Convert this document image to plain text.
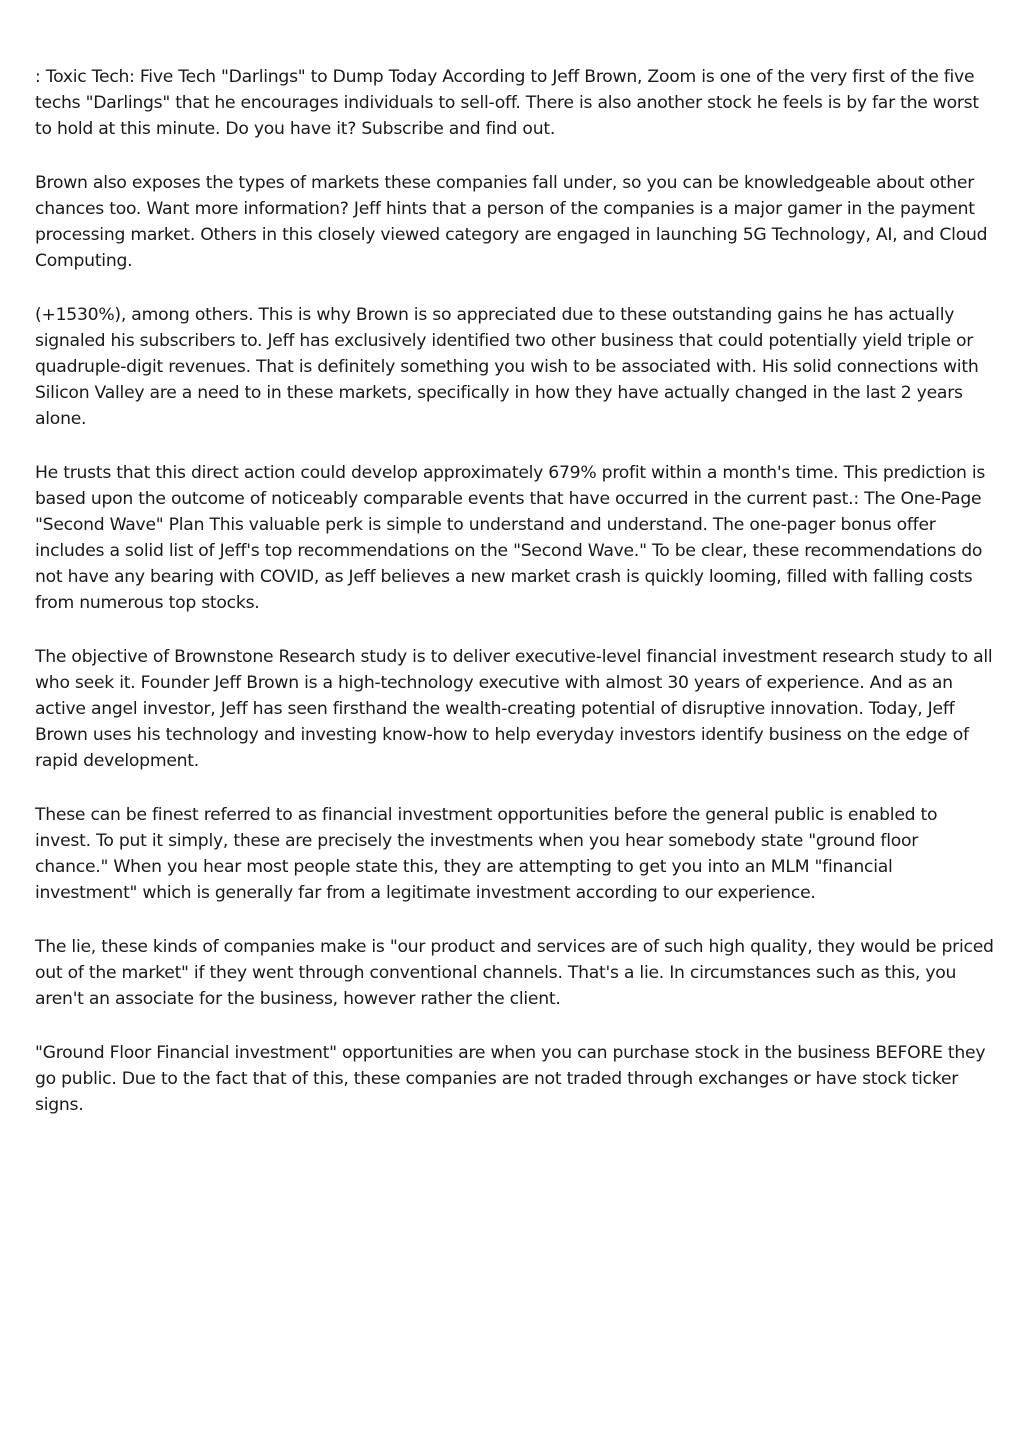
: Toxic Tech: Five Tech "Darlings" to Dump Today According to Jeff Brown, Zoom is one of the very first of the five techs "Darlings" that he encourages individuals to sell-off. There is also another stock he feels is by far the worst to hold at this minute. Do you have it? Subscribe and find out.

Brown also exposes the types of markets these companies fall under, so you can be knowledgeable about other chances too. Want more information? Jeff hints that a person of the companies is a major gamer in the payment processing market. Others in this closely viewed category are engaged in launching 5G Technology, AI, and Cloud Computing.

(+1530%), among others. This is why Brown is so appreciated due to these outstanding gains he has actually signaled his subscribers to. Jeff has exclusively identified two other business that could potentially yield triple or quadruple-digit revenues. That is definitely something you wish to be associated with. His solid connections with Silicon Valley are a need to in these markets, specifically in how they have actually changed in the last 2 years alone.

He trusts that this direct action could develop approximately 679% profit within a month's time. This prediction is based upon the outcome of noticeably comparable events that have occurred in the current past.: The One-Page "Second Wave" Plan This valuable perk is simple to understand and understand. The one-pager bonus offer includes a solid list of Jeff's top recommendations on the "Second Wave." To be clear, these recommendations do not have any bearing with COVID, as Jeff believes a new market crash is quickly looming, filled with falling costs from numerous top stocks.

The objective of Brownstone Research study is to deliver executive-level financial investment research study to all who seek it. Founder Jeff Brown is a high-technology executive with almost 30 years of experience. And as an active angel investor, Jeff has seen firsthand the wealth-creating potential of disruptive innovation. Today, Jeff Brown uses his technology and investing know-how to help everyday investors identify business on the edge of rapid development.

These can be finest referred to as financial investment opportunities before the general public is enabled to invest. To put it simply, these are precisely the investments when you hear somebody state "ground floor chance." When you hear most people state this, they are attempting to get you into an MLM "financial investment" which is generally far from a legitimate investment according to our experience.

The lie, these kinds of companies make is "our product and services are of such high quality, they would be priced out of the market" if they went through conventional channels. That's a lie. In circumstances such as this, you aren't an associate for the business, however rather the client.

"Ground Floor Financial investment" opportunities are when you can purchase stock in the business BEFORE they go public. Due to the fact that of this, these companies are not traded through exchanges or have stock ticker signs.
